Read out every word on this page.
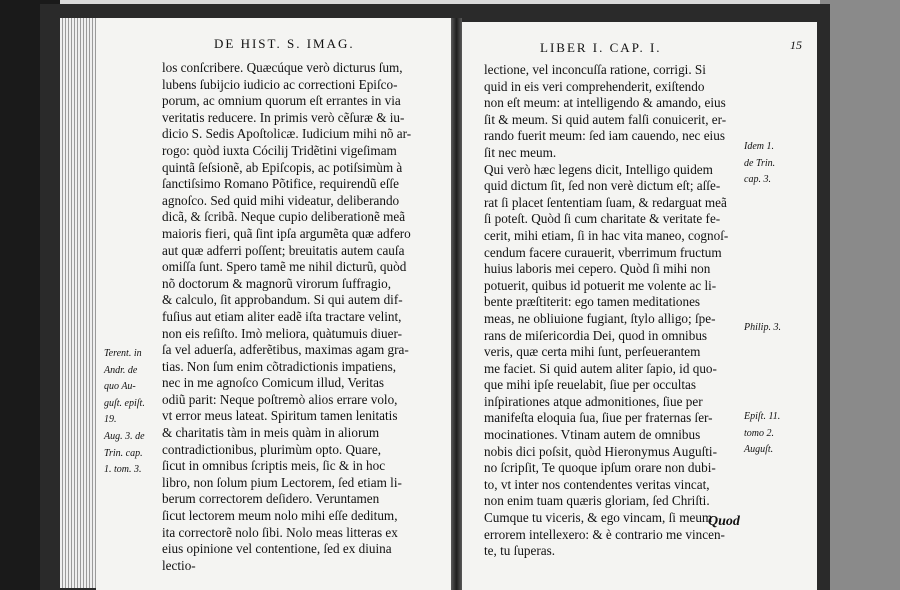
DE HIST. S. IMAG.
Terent. in
Andr. de
quo Au-
guſt. epiſt.
19.
Aug. 3. de
Trin. cap.
1. tom. 3.
los conſcribere. Quæcúque verò dicturus ſum,
lubens ſubijcio iudicio ac correctioni Epiſco-
porum, ac omnium quorum eſt errantes in via
veritatis reducere. In primis verò cẽſuræ & iu-
dicio S. Sedis Apoſtolicæ. Iudicium mihi nõ ar-
rogo: quòd iuxta Cócilij Tridẽtini vigeſimam
quintã ſeſsionẽ, ab Epiſcopis, ac potiſsimùm à
ſanctiſsimo Romano Põtifice, requirendũ eſſe
agnoſco. Sed quid mihi videatur, deliberando
dicã, & ſcribã. Neque cupio deliberationẽ meã
maioris fieri, quã ſint ipſa argumẽta quæ adfero
aut quæ adferri poſſent; breuitatis autem cauſa
omiſſa ſunt. Spero tamẽ me nihil dicturũ, quòd
nõ doctorum & magnorũ virorum ſuffragio,
& calculo, ſit approbandum. Si qui autem dif-
fuſius aut etiam aliter eadẽ iſta tractare velint,
non eis reſiſto. Imò meliora, quàtumuis diuer-
ſa vel aduerſa, adferẽtibus, maximas agam gra-
tias. Non ſum enim cõtradictionis impatiens,
nec in me agnoſco Comicum illud, Veritas
odiũ parit: Neque poſtremò alios errare volo,
vt error meus lateat. Spiritum tamen lenitatis
& charitatis tàm in meis quàm in aliorum
contradictionibus, plurimùm opto. Quare,
ſicut in omnibus ſcriptis meis, ſic & in hoc
libro, non ſolum pium Lectorem, ſed etiam li-
berum correctorem deſidero. Veruntamen
ſicut lectorem meum nolo mihi eſſe deditum,
ita correctorẽ nolo ſibi. Nolo meas litteras ex
eius opinione vel contentione, ſed ex diuina
lectio-
LIBER I. CAP. I.	15
lectione, vel inconcuſſa ratione, corrigi. Si
quid in eis veri comprehenderit, exiſtendo
non eſt meum: at intelligendo & amando, eius
ſit & meum. Si quid autem falſi conuicerit, er-
rando fuerit meum: ſed iam cauendo, nec eius
ſit nec meum.
Qui verò hæc legens dicit, Intelligo quidem
quid dictum ſit, ſed non verè dictum eſt; aſſe-
rat ſi placet ſententiam ſuam, & redarguat meã
ſi poteſt. Quòd ſi cum charitate & veritate fe-
cerit, mihi etiam, ſi in hac vita maneo, cognoſ-
cendum facere curauerit, vberrimum fructum
huius laboris mei cepero. Quòd ſi mihi non
potuerit, quibus id potuerit me volente ac li-
bente præſtiterit: ego tamen meditationes
meas, ne obliuione fugiant, ſtylo alligo; ſpe-
rans de miſericordia Dei, quod in omnibus
veris, quæ certa mihi ſunt, perſeuerantem
me faciet. Si quid autem aliter ſapio, id quo-
que mihi ipſe reuelabit, ſiue per occultas
inſpirationes atque admonitiones, ſiue per
manifeſta eloquia ſua, ſiue per fraternas ſer-
mocinationes. Vtinam autem de omnibus
nobis dici poſsit, quòd Hieronymus Auguſti-
no ſcripſit, Te quoque ipſum orare non dubi-
to, vt inter nos contendentes veritas vincat,
non enim tuam quæris gloriam, ſed Chriſti.
Cumque tu viceris, & ego vincam, ſi meum
errorem intellexero: & è contrario me vincen-
te, tu ſuperas.
Idem 1.
de Trin.
cap. 3.
Philip. 3.
Epiſt. 11.
tomo 2.
Auguſt.
Quod
